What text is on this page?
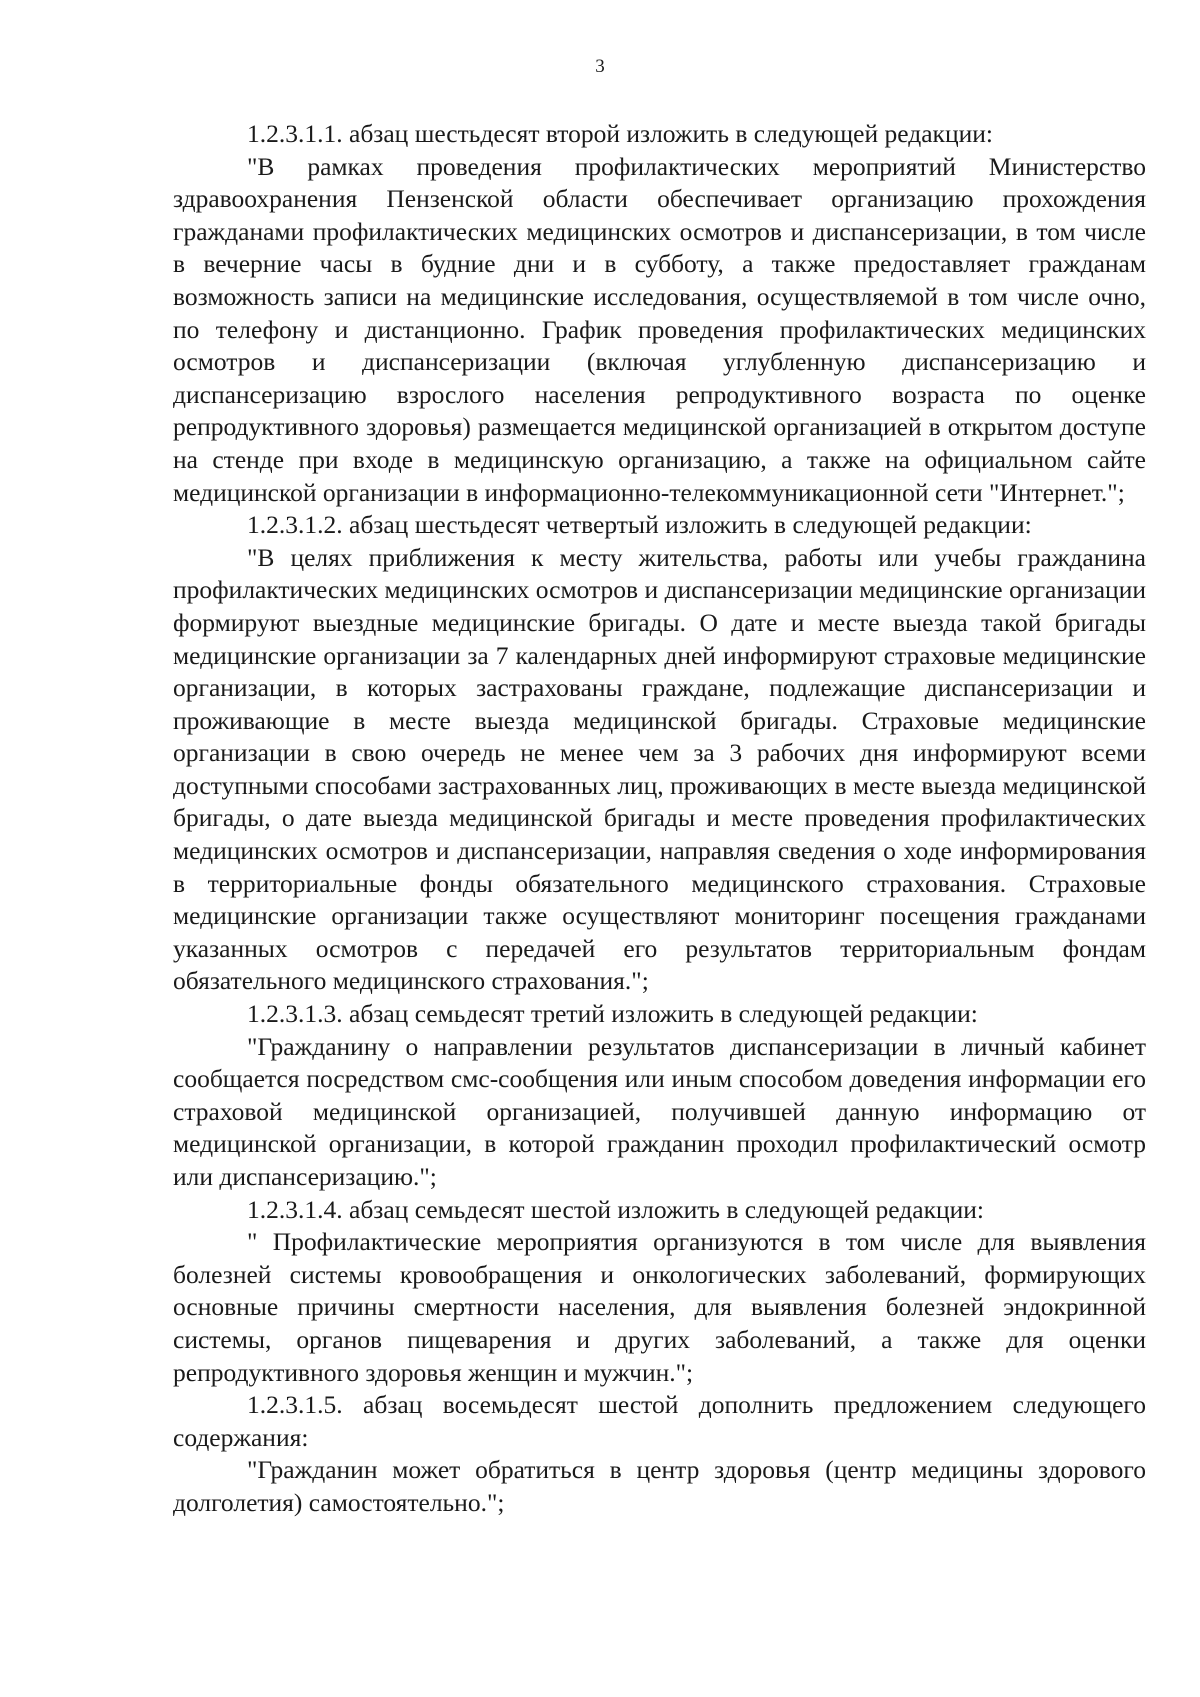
3

1.2.3.1.1. абзац шестьдесят второй изложить в следующей редакции:

"В рамках проведения профилактических мероприятий Министерство здравоохранения Пензенской области обеспечивает организацию прохождения гражданами профилактических медицинских осмотров и диспансеризации, в том числе в вечерние часы в будние дни и в субботу, а также предоставляет гражданам возможность записи на медицинские исследования, осуществляемой в том числе очно, по телефону и дистанционно. График проведения профилактических медицинских осмотров и диспансеризации (включая углубленную диспансеризацию и диспансеризацию взрослого населения репродуктивного возраста по оценке репродуктивного здоровья) размещается медицинской организацией в открытом доступе на стенде при входе в медицинскую организацию, а также на официальном сайте медицинской организации в информационно-телекоммуникационной сети "Интернет.";

1.2.3.1.2. абзац шестьдесят четвертый изложить в следующей редакции:

"В целях приближения к месту жительства, работы или учебы гражданина профилактических медицинских осмотров и диспансеризации медицинские организации формируют выездные медицинские бригады. О дате и месте выезда такой бригады медицинские организации за 7 календарных дней информируют страховые медицинские организации, в которых застрахованы граждане, подлежащие диспансеризации и проживающие в месте выезда медицинской бригады. Страховые медицинские организации в свою очередь не менее чем за 3 рабочих дня информируют всеми доступными способами застрахованных лиц, проживающих в месте выезда медицинской бригады, о дате выезда медицинской бригады и месте проведения профилактических медицинских осмотров и диспансеризации, направляя сведения о ходе информирования в территориальные фонды обязательного медицинского страхования. Страховые медицинские организации также осуществляют мониторинг посещения гражданами указанных осмотров с передачей его результатов территориальным фондам обязательного медицинского страхования.";

1.2.3.1.3. абзац семьдесят третий изложить в следующей редакции:

"Гражданину о направлении результатов диспансеризации в личный кабинет сообщается посредством смс-сообщения или иным способом доведения информации его страховой медицинской организацией, получившей данную информацию от медицинской организации, в которой гражданин проходил профилактический осмотр или диспансеризацию.";

1.2.3.1.4. абзац семьдесят шестой изложить в следующей редакции:

" Профилактические мероприятия организуются в том числе для выявления болезней системы кровообращения и онкологических заболеваний, формирующих основные причины смертности населения, для выявления болезней эндокринной системы, органов пищеварения и других заболеваний, а также для оценки репродуктивного здоровья женщин и мужчин.";

1.2.3.1.5. абзац восемьдесят шестой дополнить предложением следующего содержания:

"Гражданин может обратиться в центр здоровья (центр медицины здорового долголетия) самостоятельно.";
